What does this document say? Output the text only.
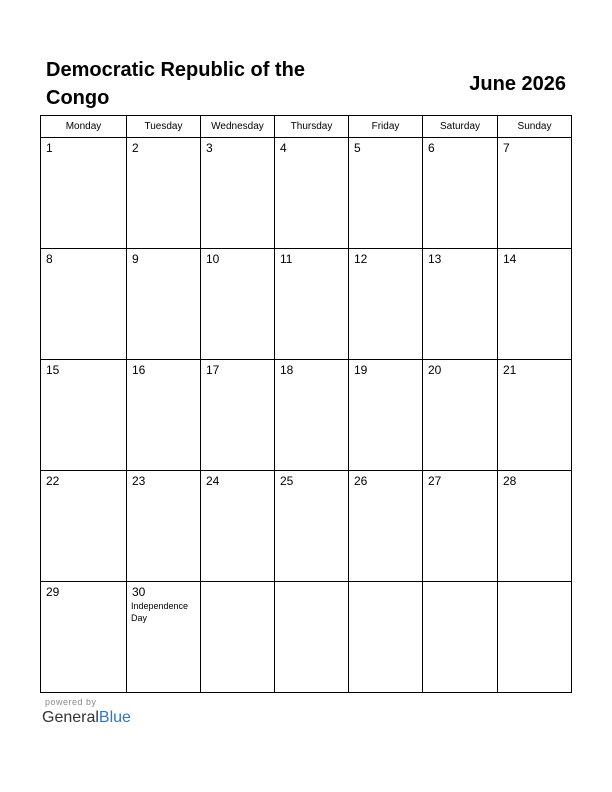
Democratic Republic of the Congo
June 2026
Monday	Tuesday	Wednesday	Thursday	Friday	Saturday	Sunday

1	2	3	4	5	6	7

8	9	10	11	12	13	14

15	16	17	18	19	20	21

22	23	24	25	26	27	28

29	30
Independence Day					

powered by
GeneralBlue
